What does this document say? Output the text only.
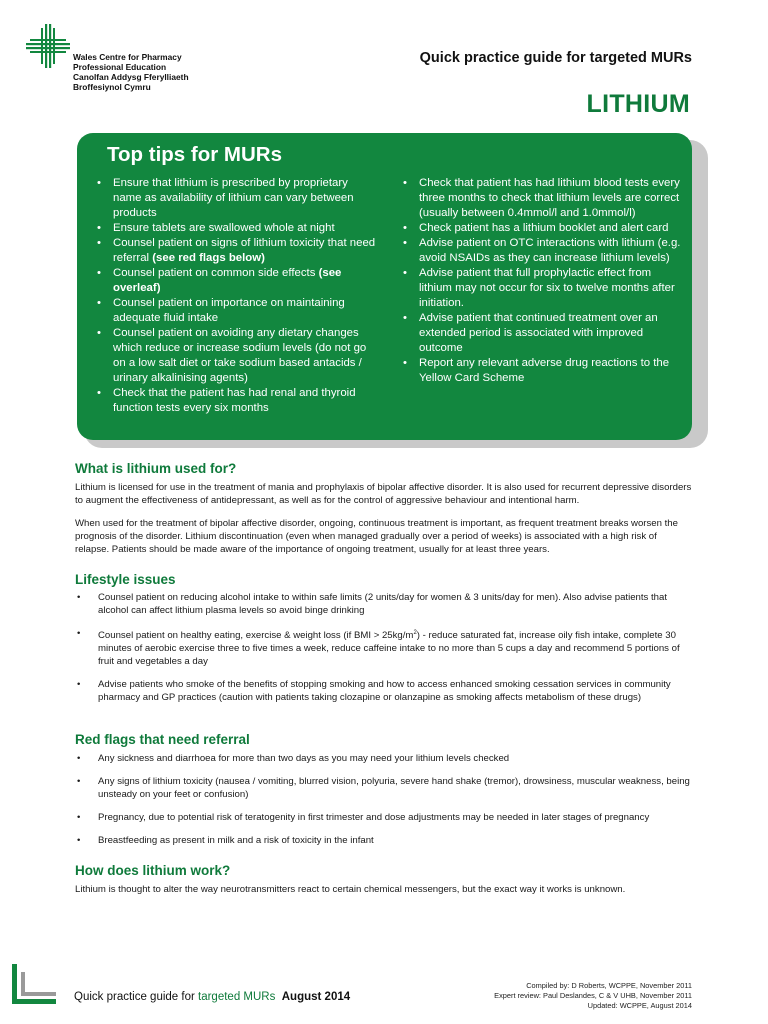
Wales Centre for Pharmacy
Professional Education
Canolfan Addysg Fferylliaeth
Broffesiynol Cymru
Quick practice guide for targeted MURs
LITHIUM
Top tips for MURs
• Ensure that lithium is prescribed by proprietary name as availability of lithium can vary between products
• Ensure tablets are swallowed whole at night
• Counsel patient on signs of lithium toxicity that need referral (see red flags below)
• Counsel patient on common side effects (see overleaf)
• Counsel patient on importance on maintaining adequate fluid intake
• Counsel patient on avoiding any dietary changes which reduce or increase sodium levels (do not go on a low salt diet or take sodium based antacids / urinary alkalinising agents)
• Check that the patient has had renal and thyroid function tests every six months
• Check that patient has had lithium blood tests every three months to check that lithium levels are correct (usually between 0.4mmol/l and 1.0mmol/l)
• Check patient has a lithium booklet and alert card
• Advise patient on OTC interactions with lithium (e.g. avoid NSAIDs as they can increase lithium levels)
• Advise patient that full prophylactic effect from lithium may not occur for six to twelve months after initiation.
• Advise patient that continued treatment over an extended period is associated with improved outcome
• Report any relevant adverse drug reactions to the Yellow Card Scheme
What is lithium used for?

Lithium is licensed for use in the treatment of mania and prophylaxis of bipolar affective disorder. It is also used for recurrent depressive disorders to augment the effectiveness of antidepressant, as well as for the control of aggressive behaviour and intentional harm.

When used for the treatment of bipolar affective disorder, ongoing, continuous treatment is important, as frequent treatment breaks worsen the prognosis of the disorder. Lithium discontinuation (even when managed gradually over a period of weeks) is associated with a high risk of relapse. Patients should be made aware of the importance of ongoing treatment, usually for at least three years.

Lifestyle issues
• Counsel patient on reducing alcohol intake to within safe limits (2 units/day for women & 3 units/day for men). Also advise patients that alcohol can affect lithium plasma levels so avoid binge drinking
• Counsel patient on healthy eating, exercise & weight loss (if BMI > $25kg/m^2$) - reduce saturated fat, increase oily fish intake, complete 30 minutes of aerobic exercise three to five times a week, reduce caffeine intake to no more than 5 cups a day and recommend 5 portions of fruit and vegetables a day
• Advise patients who smoke of the benefits of stopping smoking and how to access enhanced smoking cessation services in community pharmacy and GP practices (caution with patients taking clozapine or olanzapine as smoking affects metabolism of these drugs)
Red flags that need referral
• Any sickness and diarrhoea for more than two days as you may need your lithium levels checked
• Any signs of lithium toxicity (nausea / vomiting, blurred vision, polyuria, severe hand shake (tremor), drowsiness, muscular weakness, being unsteady on your feet or confusion)
• Pregnancy, due to potential risk of teratogenity in first trimester and dose adjustments may be needed in later stages of pregnancy
• Breastfeeding as present in milk and a risk of toxicity in the infant
How does lithium work?

Lithium is thought to alter the way neurotransmitters react to certain chemical messengers, but the exact way it works is unknown.

Quick practice guide for targeted MURs August 2014
Compiled by: D Roberts, WCPPE, November 2011
Expert review: Paul Deslandes, C & V UHB, November 2011
Updated: WCPPE, August 2014
